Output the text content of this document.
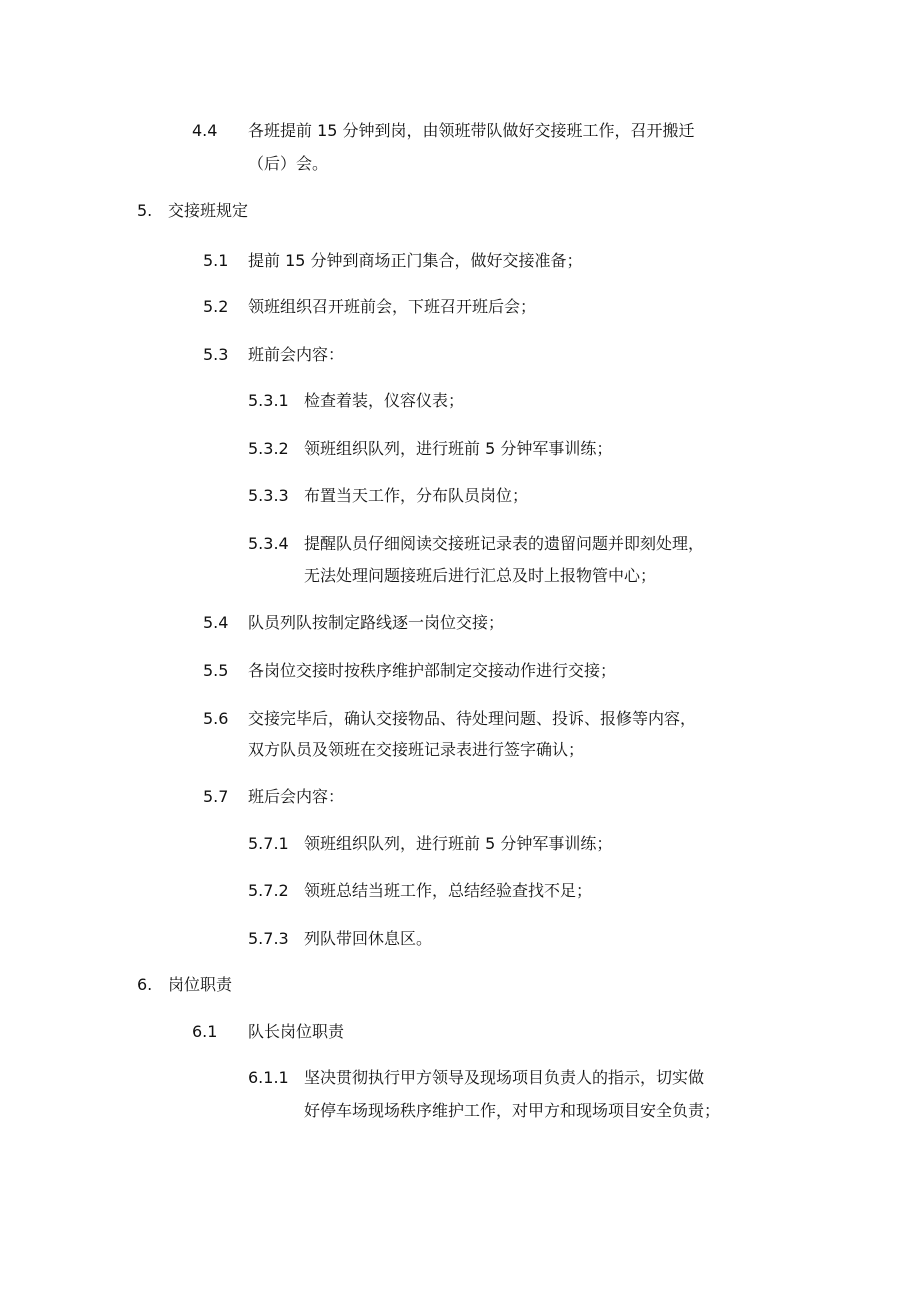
4.4 各班提前 15 分钟到岗，由领班带队做好交接班工作，召开搬迁
（后）会。
5. 交接班规定
5.1 提前 15 分钟到商场正门集合，做好交接准备；
5.2 领班组织召开班前会，下班召开班后会；
5.3 班前会内容：
5.3.1 检查着装，仪容仪表；
5.3.2 领班组织队列，进行班前 5 分钟军事训练；
5.3.3 布置当天工作，分布队员岗位；
5.3.4 提醒队员仔细阅读交接班记录表的遗留问题并即刻处理，
无法处理问题接班后进行汇总及时上报物管中心；
5.4 队员列队按制定路线逐一岗位交接；
5.5 各岗位交接时按秩序维护部制定交接动作进行交接；
5.6 交接完毕后，确认交接物品、待处理问题、投诉、报修等内容，
双方队员及领班在交接班记录表进行签字确认；
5.7 班后会内容：
5.7.1 领班组织队列，进行班前 5 分钟军事训练；
5.7.2 领班总结当班工作，总结经验查找不足；
5.7.3 列队带回休息区。
6. 岗位职责
6.1 队长岗位职责
6.1.1 坚决贯彻执行甲方领导及现场项目负责人的指示，切实做
好停车场现场秩序维护工作，对甲方和现场项目安全负责；
